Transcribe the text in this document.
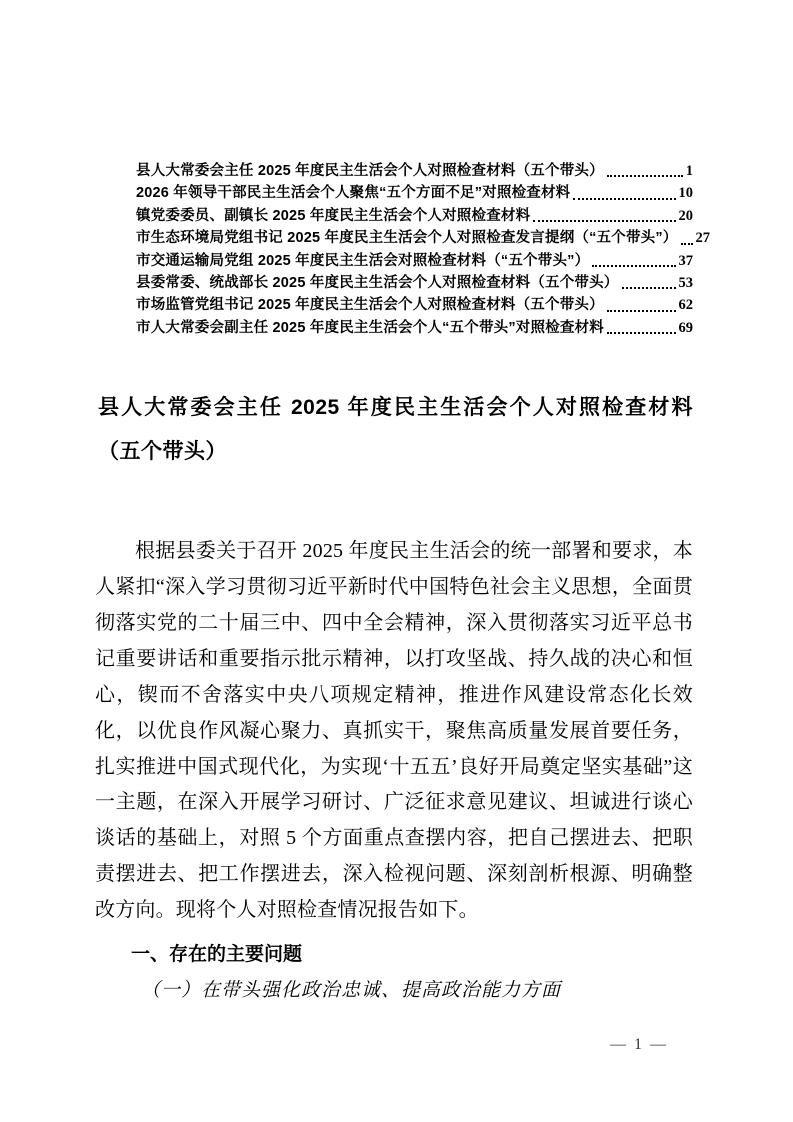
县人大常委会主任 2025 年度民主生活会个人对照检查材料（五个带头）	1
2026 年领导干部民主生活会个人聚焦“五个方面不足”对照检查材料	10
镇党委委员、副镇长 2025 年度民主生活会个人对照检查材料	20
市生态环境局党组书记 2025 年度民主生活会个人对照检查发言提纲（“五个带头”） 27
市交通运输局党组 2025 年度民主生活会对照检查材料（“五个带头”）	37
县委常委、统战部长 2025 年度民主生活会个人对照检查材料（五个带头）	53
市场监管党组书记 2025 年度民主生活会个人对照检查材料（五个带头）	62
市人大常委会副主任 2025 年度民主生活会个人“五个带头”对照检查材料	69
县人大常委会主任 2025 年度民主生活会个人对照检查材料（五个带头）
根据县委关于召开 2025 年度民主生活会的统一部署和要求，本人紧扣“深入学习贯彻习近平新时代中国特色社会主义思想，全面贯彻落实党的二十届三中、四中全会精神，深入贯彻落实习近平总书记重要讲话和重要指示批示精神，以打攻坚战、持久战的决心和恒心，锲而不舍落实中央八项规定精神，推进作风建设常态化长效化，以优良作风凝心聚力、真抓实干，聚焦高质量发展首要任务，扎实推进中国式现代化，为实现‘十五五’良好开局奠定坚实基础”这一主题，在深入开展学习研讨、广泛征求意见建议、坦诚进行谈心谈话的基础上，对照 5 个方面重点查摆内容，把自己摆进去、把职责摆进去、把工作摆进去，深入检视问题、深刻剖析根源、明确整改方向。现将个人对照检查情况报告如下。
一、存在的主要问题
（一）在带头强化政治忠诚、提高政治能力方面
— 1 —
